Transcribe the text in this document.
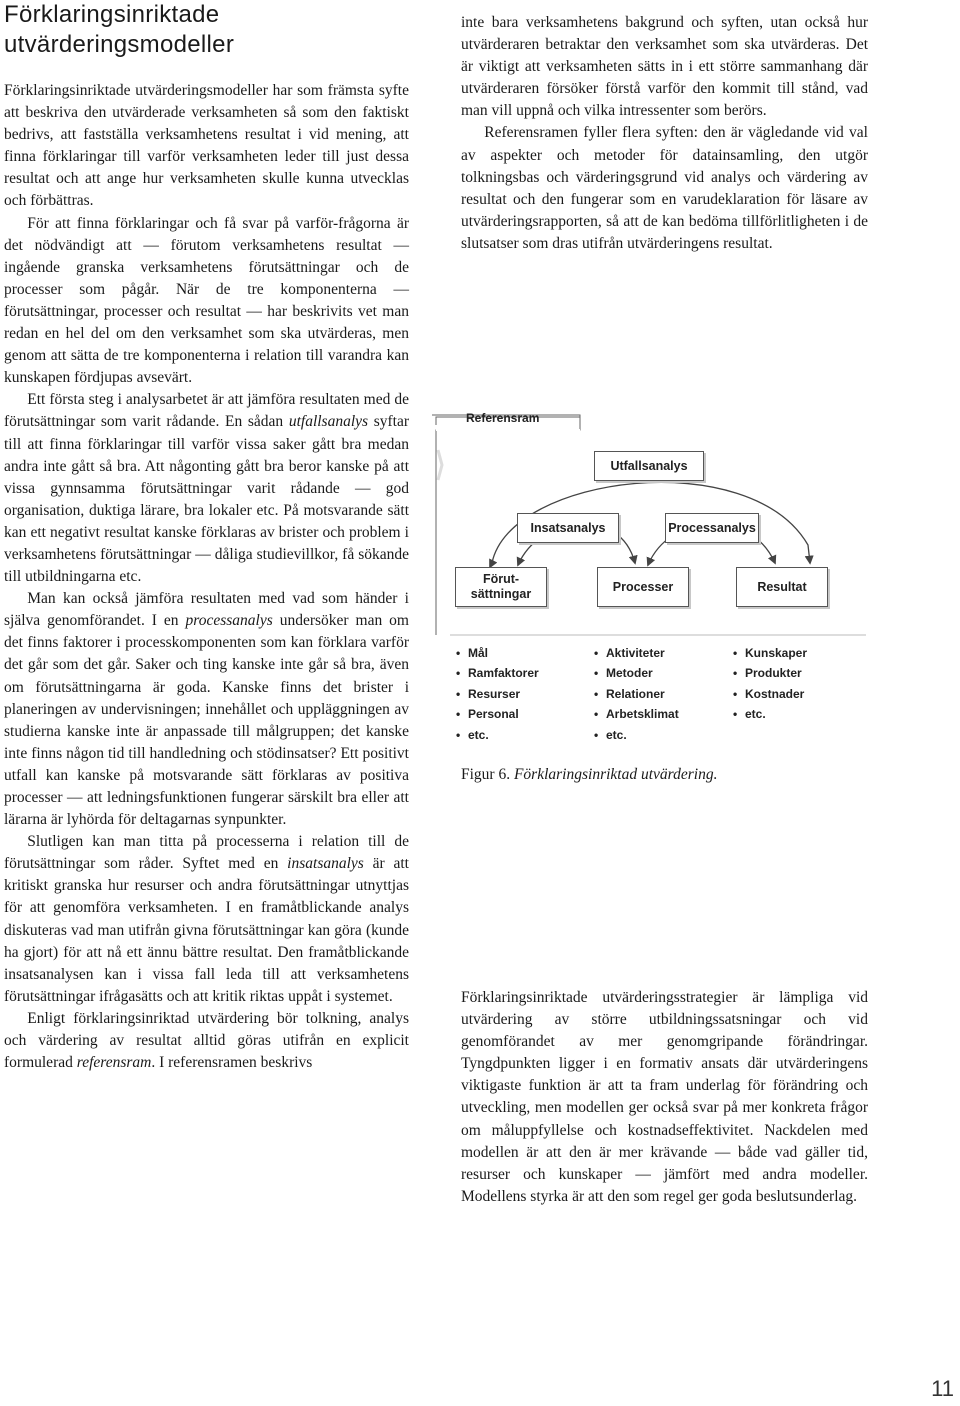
Förklaringsinriktade
utvärderingsmodeller

Förklaringsinriktade utvärderingsmodeller har som främsta syfte att beskriva den utvärderade verksamheten så som den faktiskt bedrivs, att fastställa verksamhetens resultat i vid mening, att finna förklaringar till varför verksamheten leder till just dessa resultat och att ange hur verksamheten skulle kunna utvecklas och förbättras.

För att finna förklaringar och få svar på varför-frågorna är det nödvändigt att — förutom verksamhetens resultat — ingående granska verksamhetens förutsättningar och de processer som pågår. När de tre komponenterna — förutsättningar, processer och resultat — har beskrivits vet man redan en hel del om den verksamhet som ska utvärderas, men genom att sätta de tre komponenterna i relation till varandra kan kunskapen fördjupas avsevärt.

Ett första steg i analysarbetet är att jämföra resultaten med de förutsättningar som varit rådande. En sådan utfallsanalys syftar till att finna förklaringar till varför vissa saker gått bra medan andra inte gått så bra. Att någonting gått bra beror kanske på att vissa gynnsamma förutsättningar varit rådande — god organisation, duktiga lärare, bra lokaler etc. På motsvarande sätt kan ett negativt resultat kanske förklaras av brister och problem i verksamhetens förutsättningar — dåliga studievillkor, få sökande till utbildningarna etc.

Man kan också jämföra resultaten med vad som händer i själva genomförandet. I en processanalys undersöker man om det finns faktorer i processkomponenten som kan förklara varför det går som det går. Saker och ting kanske inte går så bra, även om förutsättningarna är goda. Kanske finns det brister i planeringen av undervisningen; innehållet och uppläggningen av studierna kanske inte är anpassade till målgruppen; det kanske inte finns någon tid till handledning och stödinsatser? Ett positivt utfall kan kanske på motsvarande sätt förklaras av positiva processer — att ledningsfunktionen fungerar särskilt bra eller att lärarna är lyhörda för deltagarnas synpunkter.

Slutligen kan man titta på processerna i relation till de förutsättningar som råder. Syftet med en insatsanalys är att kritiskt granska hur resurser och andra förutsättningar utnyttjas för att genomföra verksamheten. I en framåtblickande analys diskuteras vad man utifrån givna förutsättningar kan göra (kunde ha gjort) för att nå ett ännu bättre resultat. Den framåtblickande insatsanalysen kan i vissa fall leda till att verksamhetens förutsättningar ifrågasätts och att kritik riktas uppåt i systemet.

Enligt förklaringsinriktad utvärdering bör tolkning, analys och värdering av resultat alltid göras utifrån en explicit formulerad referensram. I referensramen beskrivs

inte bara verksamhetens bakgrund och syften, utan också hur utvärderaren betraktar den verksamhet som ska utvärderas. Det är viktigt att verksamheten sätts in i ett större sammanhang där utvärderaren försöker förstå varför den kommit till stånd, vad man vill uppnå och vilka intressenter som berörs.

Referensramen fyller flera syften: den är vägledande vid val av aspekter och metoder för datainsamling, den utgör tolkningsbas och värderingsgrund vid analys och värdering av resultat och den fungerar som en varudeklaration för läsare av utvärderingsrapporten, så att de kan bedöma tillförlitligheten i de slutsatser som dras utifrån utvärderingens resultat.

Referensram
Utfallsanalys
Insatsanalys	Processanalys
Förut-
sättningar
Processer	Resultat
• Mål
• Ramfaktorer
• Resurser
• Personal
• etc.
• Aktiviteter
• Metoder
• Relationer
• Arbetsklimat
• etc.
• Kunskaper
• Produkter
• Kostnader
• etc.
Figur 6. Förklaringsinriktad utvärdering.

Förklaringsinriktade utvärderingsstrategier är lämpliga vid utvärdering av större utbildningssatsningar och vid genomförandet av mer genomgripande förändringar. Tyngdpunkten ligger i en formativ ansats där utvärderingens viktigaste funktion är att ta fram underlag för förändring och utveckling, men modellen ger också svar på mer konkreta frågor om måluppfyllelse och kostnadseffektivitet. Nackdelen med modellen är att den är mer krävande — både vad gäller tid, resurser och kunskaper — jämfört med andra modeller. Modellens styrka är att den som regel ger goda beslutsunderlag.

11
